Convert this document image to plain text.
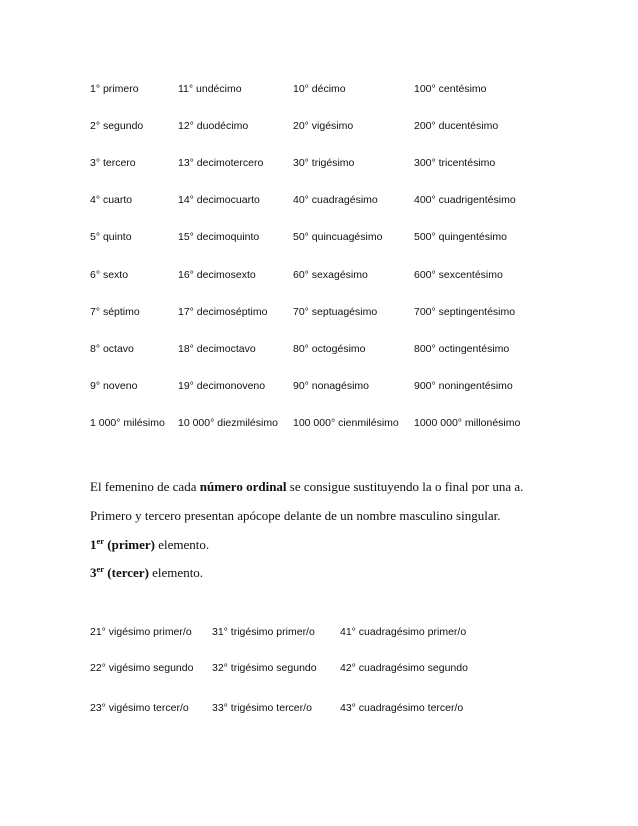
1° primero	11° undécimo	10° décimo	100° centésimo
2° segundo	12° duodécimo	20° vigésimo	200° ducentésimo
3° tercero	13° decimotercero	30° trigésimo	300° tricentésimo
4° cuarto	14° decimocuarto	40° cuadragésimo	400° cuadrigentésimo
5° quinto	15° decimoquinto	50° quincuagésimo	500° quingentésimo
6° sexto	16° decimosexto	60° sexagésimo	600° sexcentésimo
7° séptimo	17° decimoséptimo 70° septuagésimo	700° septingentésimo
8° octavo	18° decimoctavo	80° octogésimo	800° octingentésimo
9° noveno	19° decimonoveno	90° nonagésimo	900° noningentésimo
1 000° milésimo 10 000° diezmilésimo 100 000° cienmilésimo 1000 000° millonésimo
El femenino de cada número ordinal se consigue sustituyendo la o final por una a.
Primero y tercero presentan apócope delante de un nombre masculino singular.
1er (primer) elemento.
3er (tercer) elemento.
21° vigésimo primer/o 31° trigésimo primer/o 41° cuadragésimo primer/o
22° vigésimo segundo 32° trigésimo segundo 42° cuadragésimo segundo
23° vigésimo tercer/o 33° trigésimo tercer/o	43° cuadragésimo tercer/o
